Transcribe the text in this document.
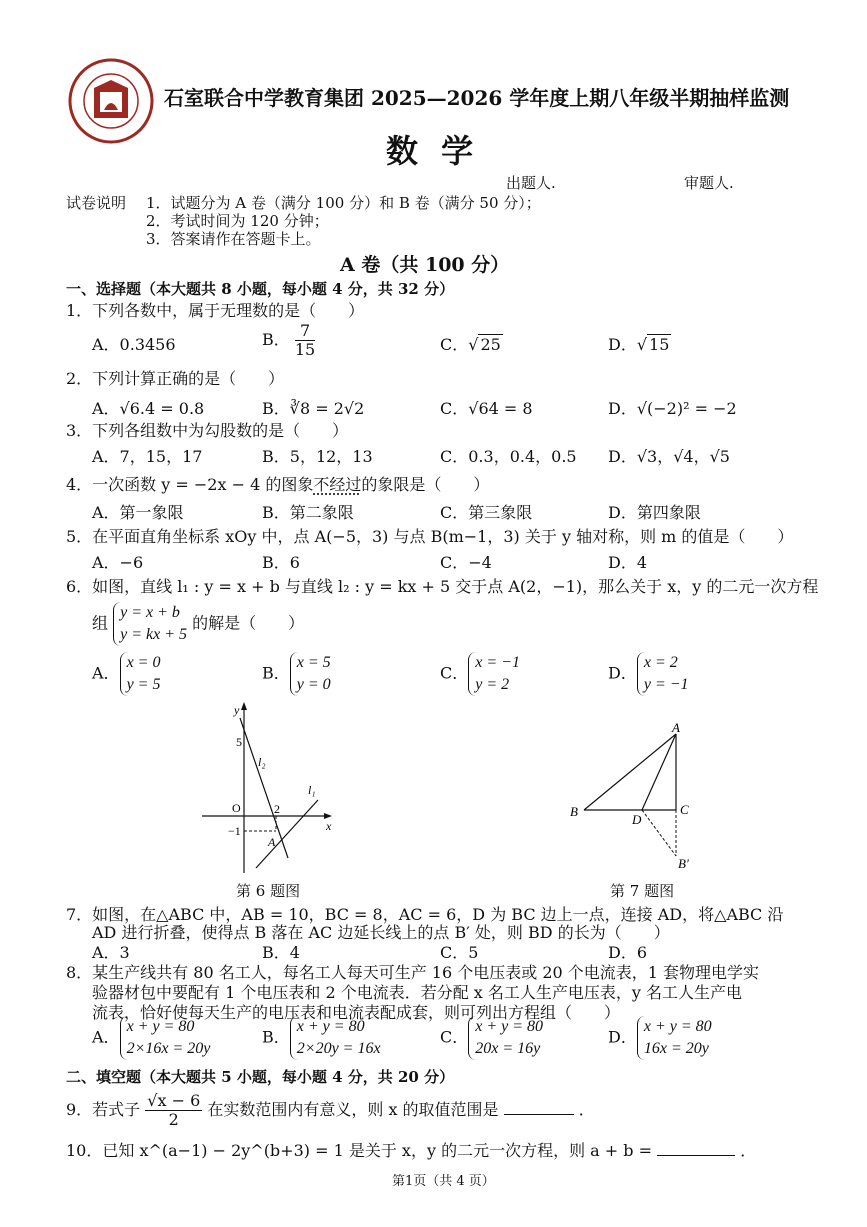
石室联合中学教育集团 2025—2026 学年度上期八年级半期抽样监测
数 学
出题人.	审题人.
试卷说明 1．试题分为 A 卷（满分 100 分）和 B 卷（满分 50 分）；
2．考试时间为 120 分钟；
3．答案请作在答题卡上。
A 卷（共 100 分）
一、选择题（本大题共 8 小题，每小题 4 分，共 32 分）
1．下列各数中，属于无理数的是（　　）
A．0.3456	B． $\frac{7}{15}$	C．√ 25	D．√ 15
2．下列计算正确的是（　　）
A．√6.4 = 0.8	B．∛8 = 2√2	C．√64 = 8	D．√(−2)² = −2
3．下列各组数中为勾股数的是（　　）
A．7，15，17	B．5，12，13	C．0.3，0.4，0.5 D．√3，√4，√5
4．一次函数 y = −2x − 4 的图象不经过的象限是（　　）
A．第一象限	B．第二象限	C．第三象限	D．第四象限
5．在平面直角坐标系 xOy 中，点 A(−5，3) 与点 B(m−1，3) 关于 y 轴对称，则 m 的值是（　　）
A．−6	B．6	C．−4	D．4
6．如图，直线 l₁ : y = x + b 与直线 l₂ : y = kx + 5 交于点 A(2，−1)，那么关于 x，y 的二元一次方程
组 y = x + b
y = kx + 5 的解是（　　）
A．x = 0
y = 5
B．x = 5
y = 0
C．x = −1
y = 2
D．x = 2
y = −1
y
x
O
5
2
−1
l₁
l₂
A
第 6 题图
A
B	C
D
B′
第 7 题图
7．如图，在△ABC 中，AB = 10，BC = 8，AC = 6，D 为 BC 边上一点，连接 AD，将△ABC 沿
AD 进行折叠，使得点 B 落在 AC 边延长线上的点 B′ 处，则 BD 的长为（　　）
A．3	B．4	C．5	D．6
8．某生产线共有 80 名工人，每名工人每天可生产 16 个电压表或 20 个电流表，1 套物理电学实
验器材包中要配有 1 个电压表和 2 个电流表．若分配 x 名工人生产电压表，y 名工人生产电
流表，恰好使每天生产的电压表和电流表配成套，则可列出方程组（　　）
A．x + y = 80
2×16x = 20y
B．x + y = 80
2×20y = 16x
C．x + y = 80
20x = 16y
D．x + y = 80
16x = 20y
二、填空题（本大题共 5 小题，每小题 4 分，共 20 分）
9．若式子 $\frac{√x - 6}{2}$ 在实数范围内有意义，则 x 的取值范围是	．
10．已知 x^(a−1) − 2y^(b+3) = 1 是关于 x，y 的二元一次方程，则 a + b =	．
第1页（共 4 页）
